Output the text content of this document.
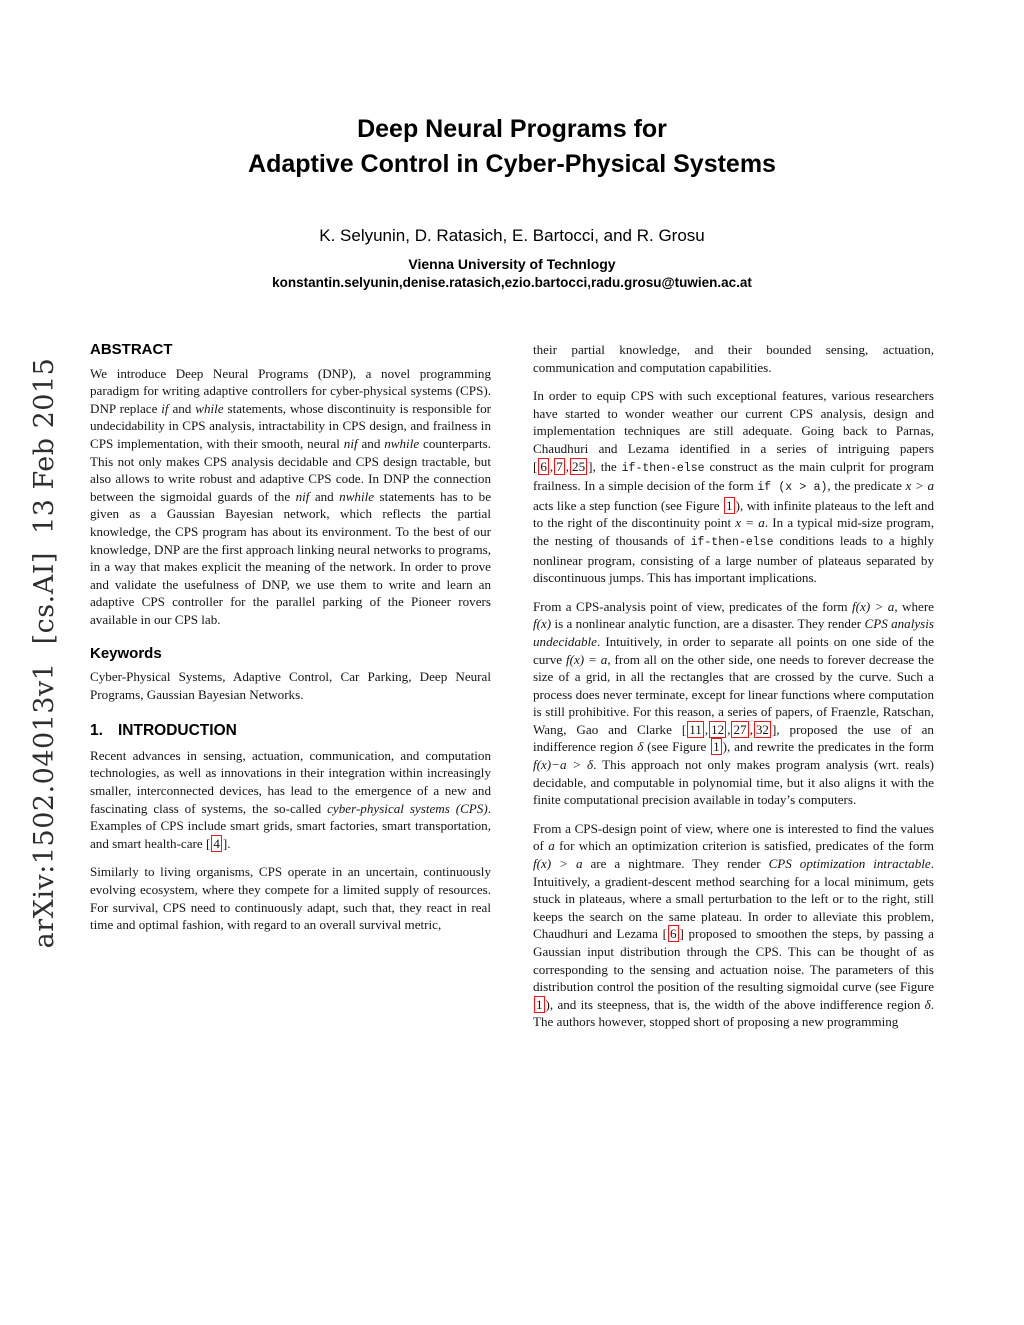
arXiv:1502.04013v1  [cs.AI]  13 Feb 2015
Deep Neural Programs for
Adaptive Control in Cyber-Physical Systems
K. Selyunin, D. Ratasich, E. Bartocci, and R. Grosu
Vienna University of Technlogy
konstantin.selyunin,denise.ratasich,ezio.bartocci,radu.grosu@tuwien.ac.at
ABSTRACT

We introduce Deep Neural Programs (DNP), a novel programming paradigm for writing adaptive controllers for cyber-physical systems (CPS). DNP replace if and while statements, whose discontinuity is responsible for undecidability in CPS analysis, intractability in CPS design, and frailness in CPS implementation, with their smooth, neural nif and nwhile counterparts. This not only makes CPS analysis decidable and CPS design tractable, but also allows to write robust and adaptive CPS code. In DNP the connection between the sigmoidal guards of the nif and nwhile statements has to be given as a Gaussian Bayesian network, which reflects the partial knowledge, the CPS program has about its environment. To the best of our knowledge, DNP are the first approach linking neural networks to programs, in a way that makes explicit the meaning of the network. In order to prove and validate the usefulness of DNP, we use them to write and learn an adaptive CPS controller for the parallel parking of the Pioneer rovers available in our CPS lab.

Keywords

Cyber-Physical Systems, Adaptive Control, Car Parking, Deep Neural Programs, Gaussian Bayesian Networks.

1. INTRODUCTION

Recent advances in sensing, actuation, communication, and computation technologies, as well as innovations in their integration within increasingly smaller, interconnected devices, has lead to the emergence of a new and fascinating class of systems, the so-called cyber-physical systems (CPS). Examples of CPS include smart grids, smart factories, smart transportation, and smart health-care [ 4 ].

Similarly to living organisms, CPS operate in an uncertain, continuously evolving ecosystem, where they compete for a limited supply of resources. For survival, CPS need to continuously adapt, such that, they react in real time and optimal fashion, with regard to an overall survival metric,

their partial knowledge, and their bounded sensing, actuation, communication and computation capabilities.

In order to equip CPS with such exceptional features, various researchers have started to wonder weather our current CPS analysis, design and implementation techniques are still adequate. Going back to Parnas, Chaudhuri and Lezama identified in a series of intriguing papers [ 6 , 7 , 25 ], the if-then-else construct as the main culprit for program frailness. In a simple decision of the form if (x > a), the predicate x > a acts like a step function (see Figure 1 ), with infinite plateaus to the left and to the right of the discontinuity point x = a. In a typical mid-size program, the nesting of thousands of if-then-else conditions leads to a highly nonlinear program, consisting of a large number of plateaus separated by discontinuous jumps. This has important implications.

From a CPS-analysis point of view, predicates of the form f(x) > a, where f(x) is a nonlinear analytic function, are a disaster. They render CPS analysis undecidable. Intuitively, in order to separate all points on one side of the curve f(x) = a, from all on the other side, one needs to forever decrease the size of a grid, in all the rectangles that are crossed by the curve. Such a process does never terminate, except for linear functions where computation is still prohibitive. For this reason, a series of papers, of Fraenzle, Ratschan, Wang, Gao and Clarke [ 11 , 12 , 27 , 32 ], proposed the use of an indifference region δ (see Figure 1 ), and rewrite the predicates in the form f(x)−a > δ. This approach not only makes program analysis (wrt. reals) decidable, and computable in polynomial time, but it also aligns it with the finite computational precision available in today’s computers.

From a CPS-design point of view, where one is interested to find the values of a for which an optimization criterion is satisfied, predicates of the form f(x) > a are a nightmare. They render CPS optimization intractable. Intuitively, a gradient-descent method searching for a local minimum, gets stuck in plateaus, where a small perturbation to the left or to the right, still keeps the search on the same plateau. In order to alleviate this problem, Chaudhuri and Lezama [ 6 ] proposed to smoothen the steps, by passing a Gaussian input distribution through the CPS. This can be thought of as corresponding to the sensing and actuation noise. The parameters of this distribution control the position of the resulting sigmoidal curve (see Figure 1 ), and its steepness, that is, the width of the above indifference region δ. The authors however, stopped short of proposing a new programming
